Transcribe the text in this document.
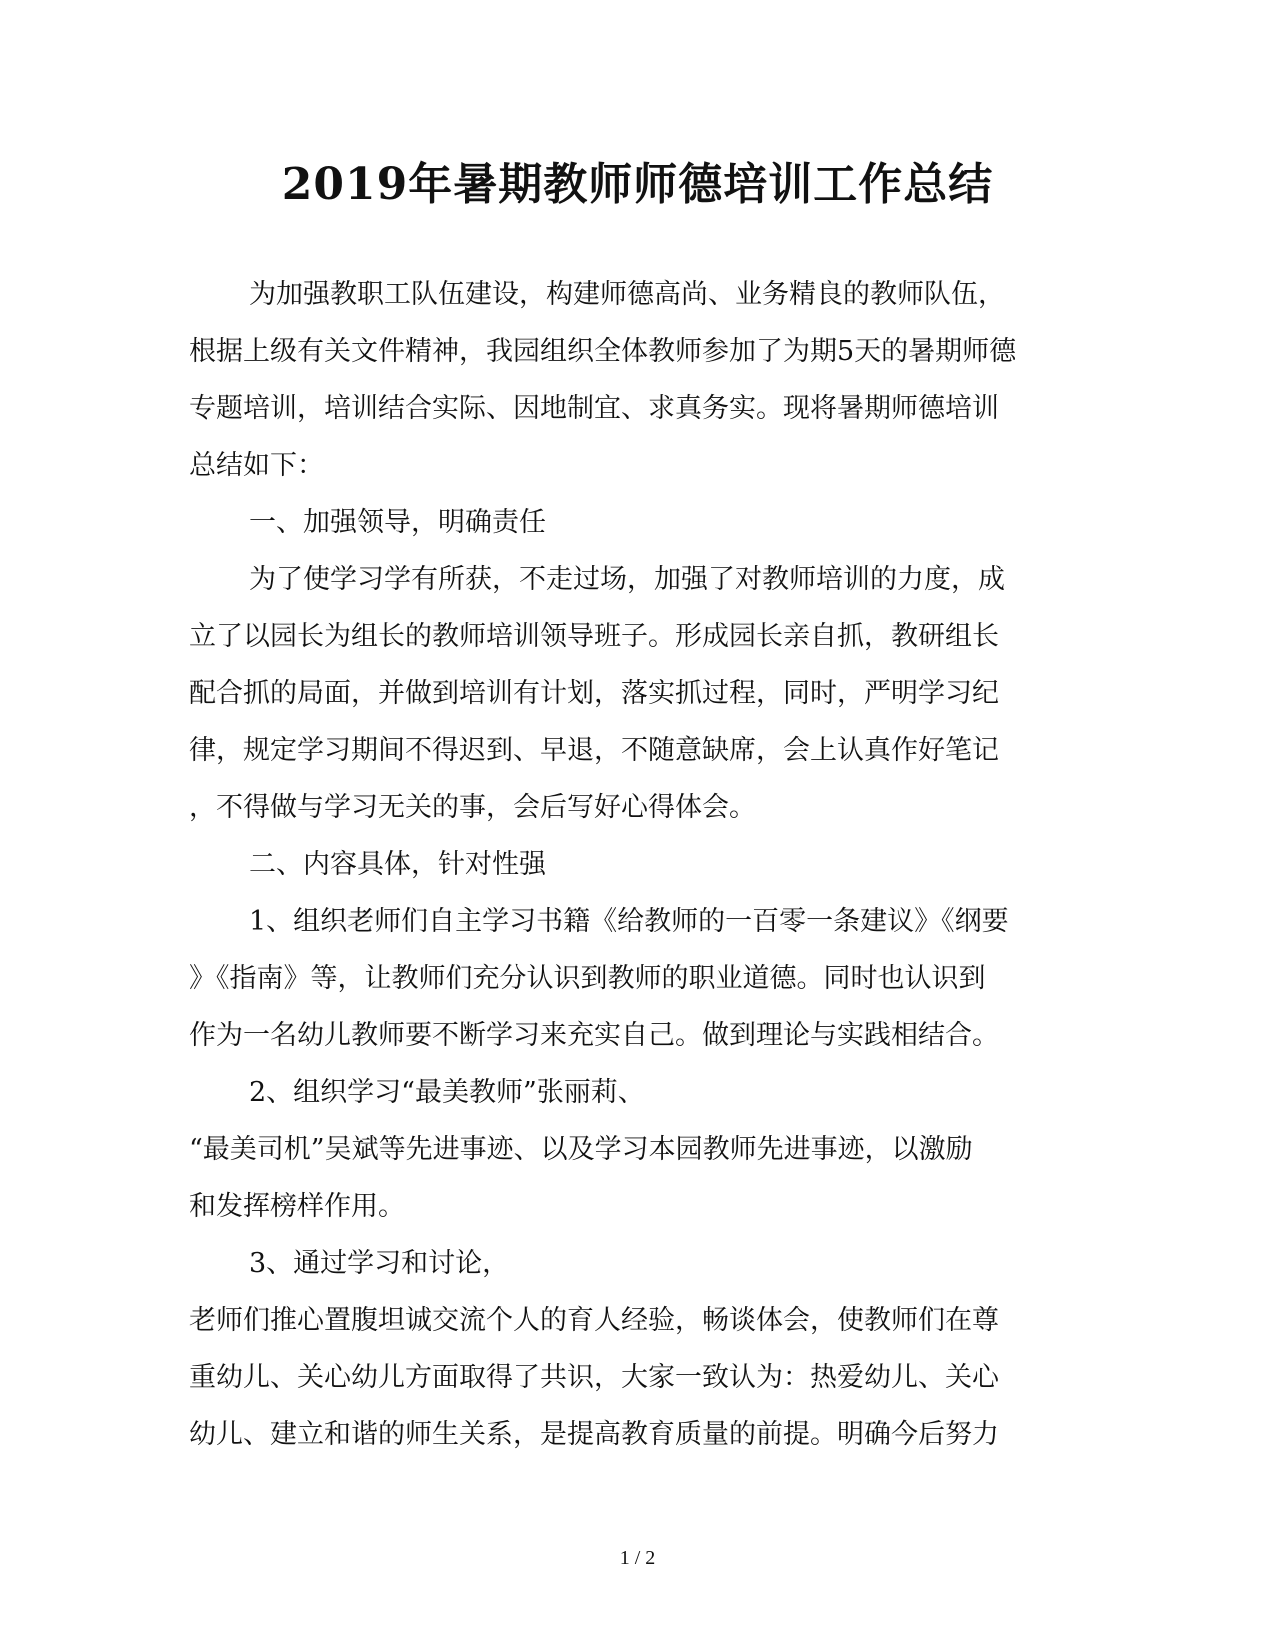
2019年暑期教师师德培训工作总结
为加强教职工队伍建设，构建师德高尚、业务精良的教师队伍，
根据上级有关文件精神，我园组织全体教师参加了为期5天的暑期师德
专题培训，培训结合实际、因地制宜、求真务实。现将暑期师德培训
总结如下：
一、加强领导，明确责任
为了使学习学有所获，不走过场，加强了对教师培训的力度，成
立了以园长为组长的教师培训领导班子。形成园长亲自抓，教研组长
配合抓的局面，并做到培训有计划，落实抓过程，同时，严明学习纪
律，规定学习期间不得迟到、早退，不随意缺席，会上认真作好笔记
，不得做与学习无关的事，会后写好心得体会。
二、内容具体，针对性强
1、组织老师们自主学习书籍《给教师的一百零一条建议》《纲要
》《指南》等，让教师们充分认识到教师的职业道德。同时也认识到
作为一名幼儿教师要不断学习来充实自己。做到理论与实践相结合。
2、组织学习“最美教师”张丽莉、
“最美司机”吴斌等先进事迹、以及学习本园教师先进事迹，以激励
和发挥榜样作用。
3、通过学习和讨论，
老师们推心置腹坦诚交流个人的育人经验，畅谈体会，使教师们在尊
重幼儿、关心幼儿方面取得了共识，大家一致认为：热爱幼儿、关心
幼儿、建立和谐的师生关系，是提高教育质量的前提。明确今后努力
1 / 2
